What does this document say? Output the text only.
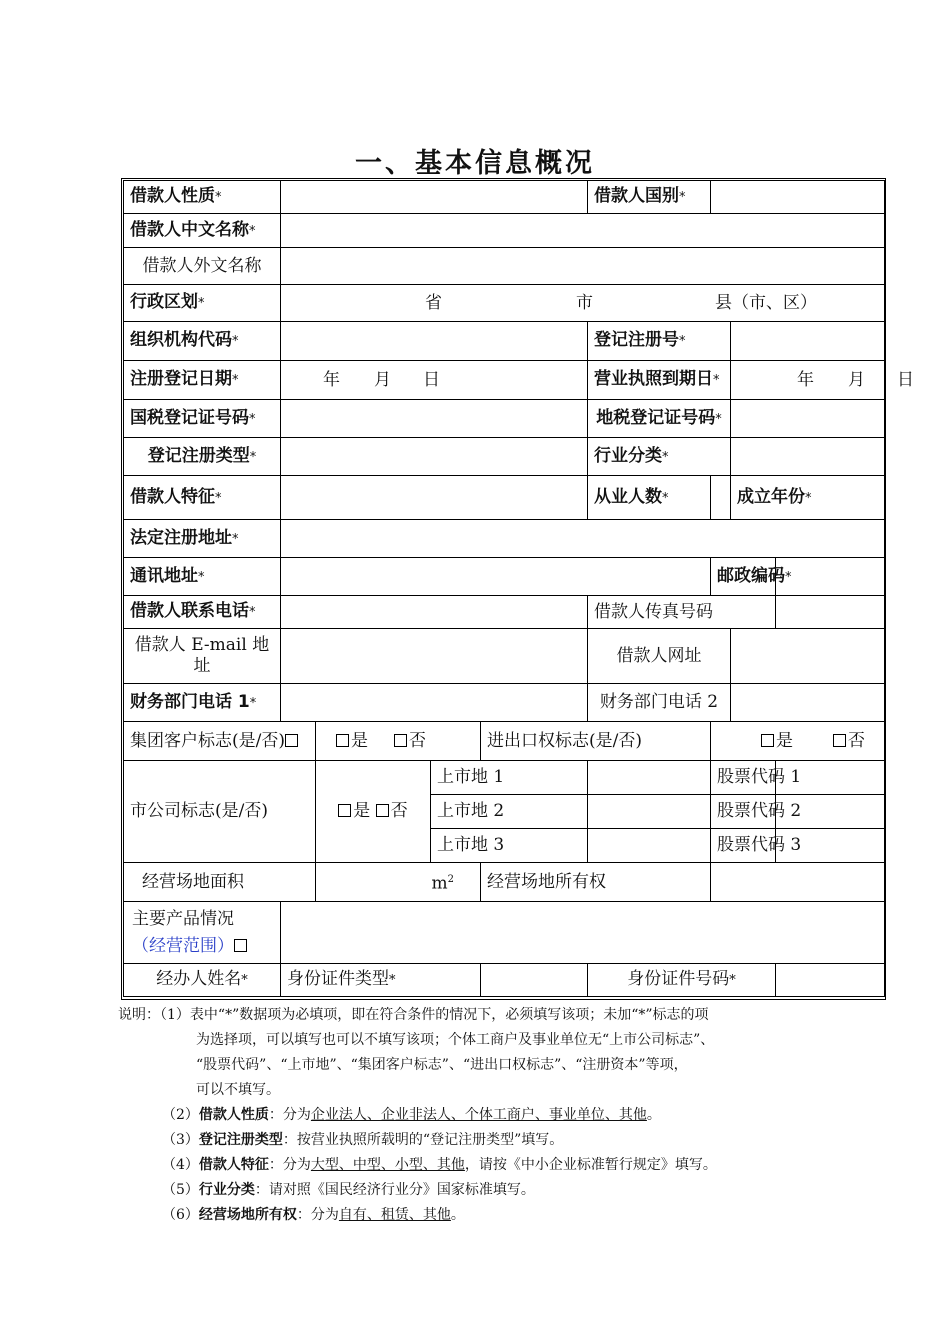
一、基本信息概况
借款人性质*					借款人国别*			
借款人中文名称*								
借款人外文名称								
行政区划*	省 市 县（市、区）							
组织机构代码*					登记注册号*			
注册登记日期*	年 月 日				营业执照到期日*		年 月 日	
国税登记证号码*					地税登记证号码*			
登记注册类型*					行业分类*			
借款人特征*					从业人数*		成立年份*	
法定注册地址*								
通讯地址*						邮政编码*		
借款人联系电话*					借款人传真号码			
借款人 E-mail 地
址					借款人网址			
财务部门电话 1*					财务部门电话 2			
集团客户标志(是/否)		是 否		进出口权标志(是/否)		是 否		
市公司标志(是/否)		是 否	上市地 1			股票代码 1		
			上市地 2			股票代码 2		
			上市地 3			股票代码 3		
经营场地面积		$m^2$		经营场地所有权				
主要产品情况
（经营范围）								
经办人姓名*	身份证件类型*				身份证件号码*			
说明：（1）表中“*”数据项为必填项，即在符合条件的情况下，必须填写该项；未加“*”标志的项
为选择项，可以填写也可以不填写该项；个体工商户及事业单位无“上市公司标志”、
“股票代码”、“上市地”、“集团客户标志”、“进出口权标志”、“注册资本”等项，
可以不填写。
（2）借款人性质：分为企业法人、企业非法人、个体工商户、事业单位、其他。
（3）登记注册类型：按营业执照所载明的“登记注册类型”填写。
（4）借款人特征：分为大型、中型、小型、其他，请按《中小企业标准暂行规定》填写。
（5）行业分类：请对照《国民经济行业分》国家标准填写。
（6）经营场地所有权：分为自有、租赁、其他。
